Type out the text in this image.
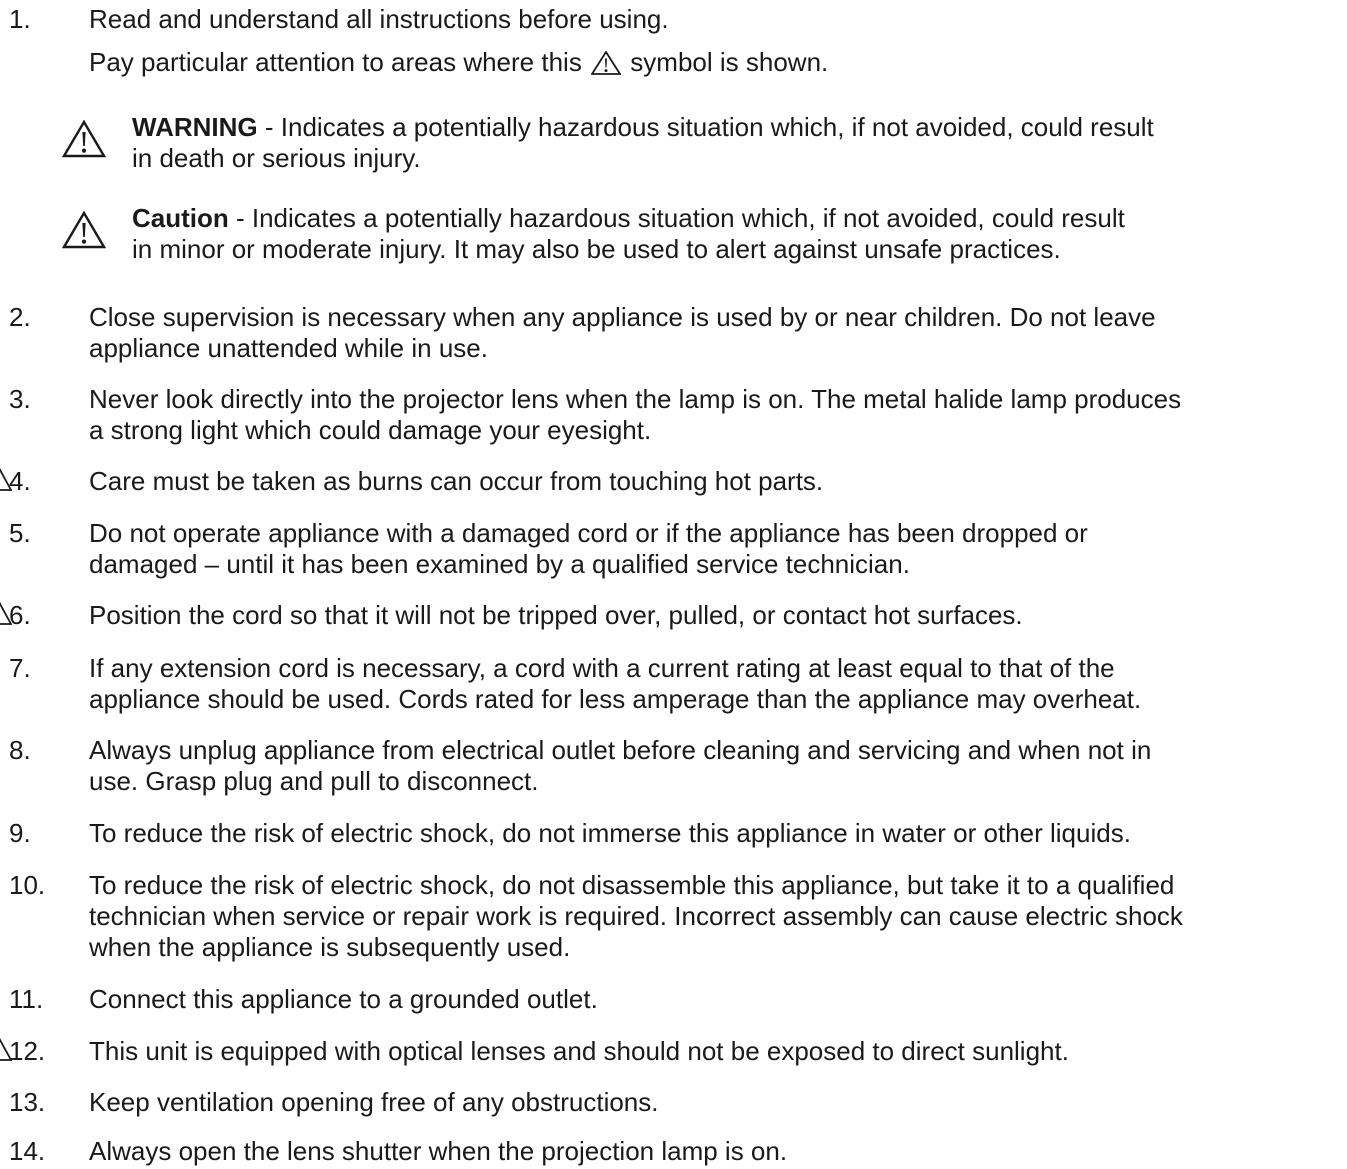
1. Read and understand all instructions before using.
Pay particular attention to areas where this symbol is shown.
WARNING - Indicates a potentially hazardous situation which, if not avoided, could result
in death or serious injury.
Caution - Indicates a potentially hazardous situation which, if not avoided, could result
in minor or moderate injury. It may also be used to alert against unsafe practices.
2. Close supervision is necessary when any appliance is used by or near children. Do not leave
appliance unattended while in use.
3. Never look directly into the projector lens when the lamp is on. The metal halide lamp produces
a strong light which could damage your eyesight.
4. Care must be taken as burns can occur from touching hot parts.
5. Do not operate appliance with a damaged cord or if the appliance has been dropped or
damaged – until it has been examined by a qualified service technician.
6. Position the cord so that it will not be tripped over, pulled, or contact hot surfaces.
7. If any extension cord is necessary, a cord with a current rating at least equal to that of the
appliance should be used. Cords rated for less amperage than the appliance may overheat.
8. Always unplug appliance from electrical outlet before cleaning and servicing and when not in
use. Grasp plug and pull to disconnect.
9. To reduce the risk of electric shock, do not immerse this appliance in water or other liquids.
10. To reduce the risk of electric shock, do not disassemble this appliance, but take it to a qualified
technician when service or repair work is required. Incorrect assembly can cause electric shock
when the appliance is subsequently used.
11. Connect this appliance to a grounded outlet.
12. This unit is equipped with optical lenses and should not be exposed to direct sunlight.
13. Keep ventilation opening free of any obstructions.
14. Always open the lens shutter when the projection lamp is on.
